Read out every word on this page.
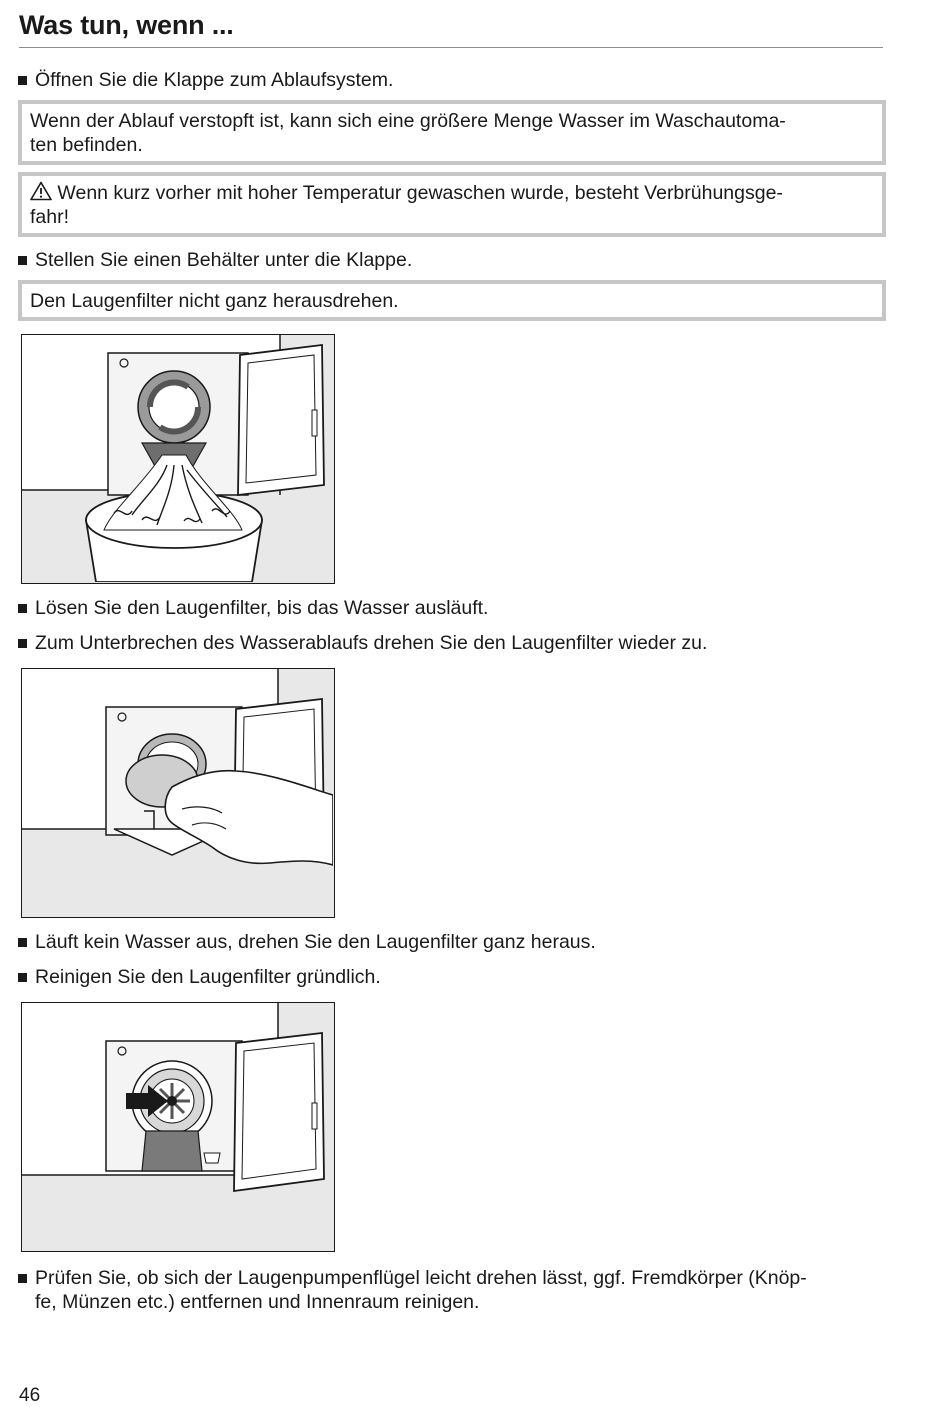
Was tun, wenn ...
Öffnen Sie die Klappe zum Ablaufsystem.
Wenn der Ablauf verstopft ist, kann sich eine größere Menge Wasser im Waschautoma-
ten befinden.
Wenn kurz vorher mit hoher Temperatur gewaschen wurde, besteht Verbrühungsge-
fahr!
Stellen Sie einen Behälter unter die Klappe.
Den Laugenfilter nicht ganz herausdrehen.
Lösen Sie den Laugenfilter, bis das Wasser ausläuft.
Zum Unterbrechen des Wasserablaufs drehen Sie den Laugenfilter wieder zu.
Läuft kein Wasser aus, drehen Sie den Laugenfilter ganz heraus.
Reinigen Sie den Laugenfilter gründlich.
Prüfen Sie, ob sich der Laugenpumpenflügel leicht drehen lässt, ggf. Fremdkörper (Knöp-
fe, Münzen etc.) entfernen und Innenraum reinigen.
46
